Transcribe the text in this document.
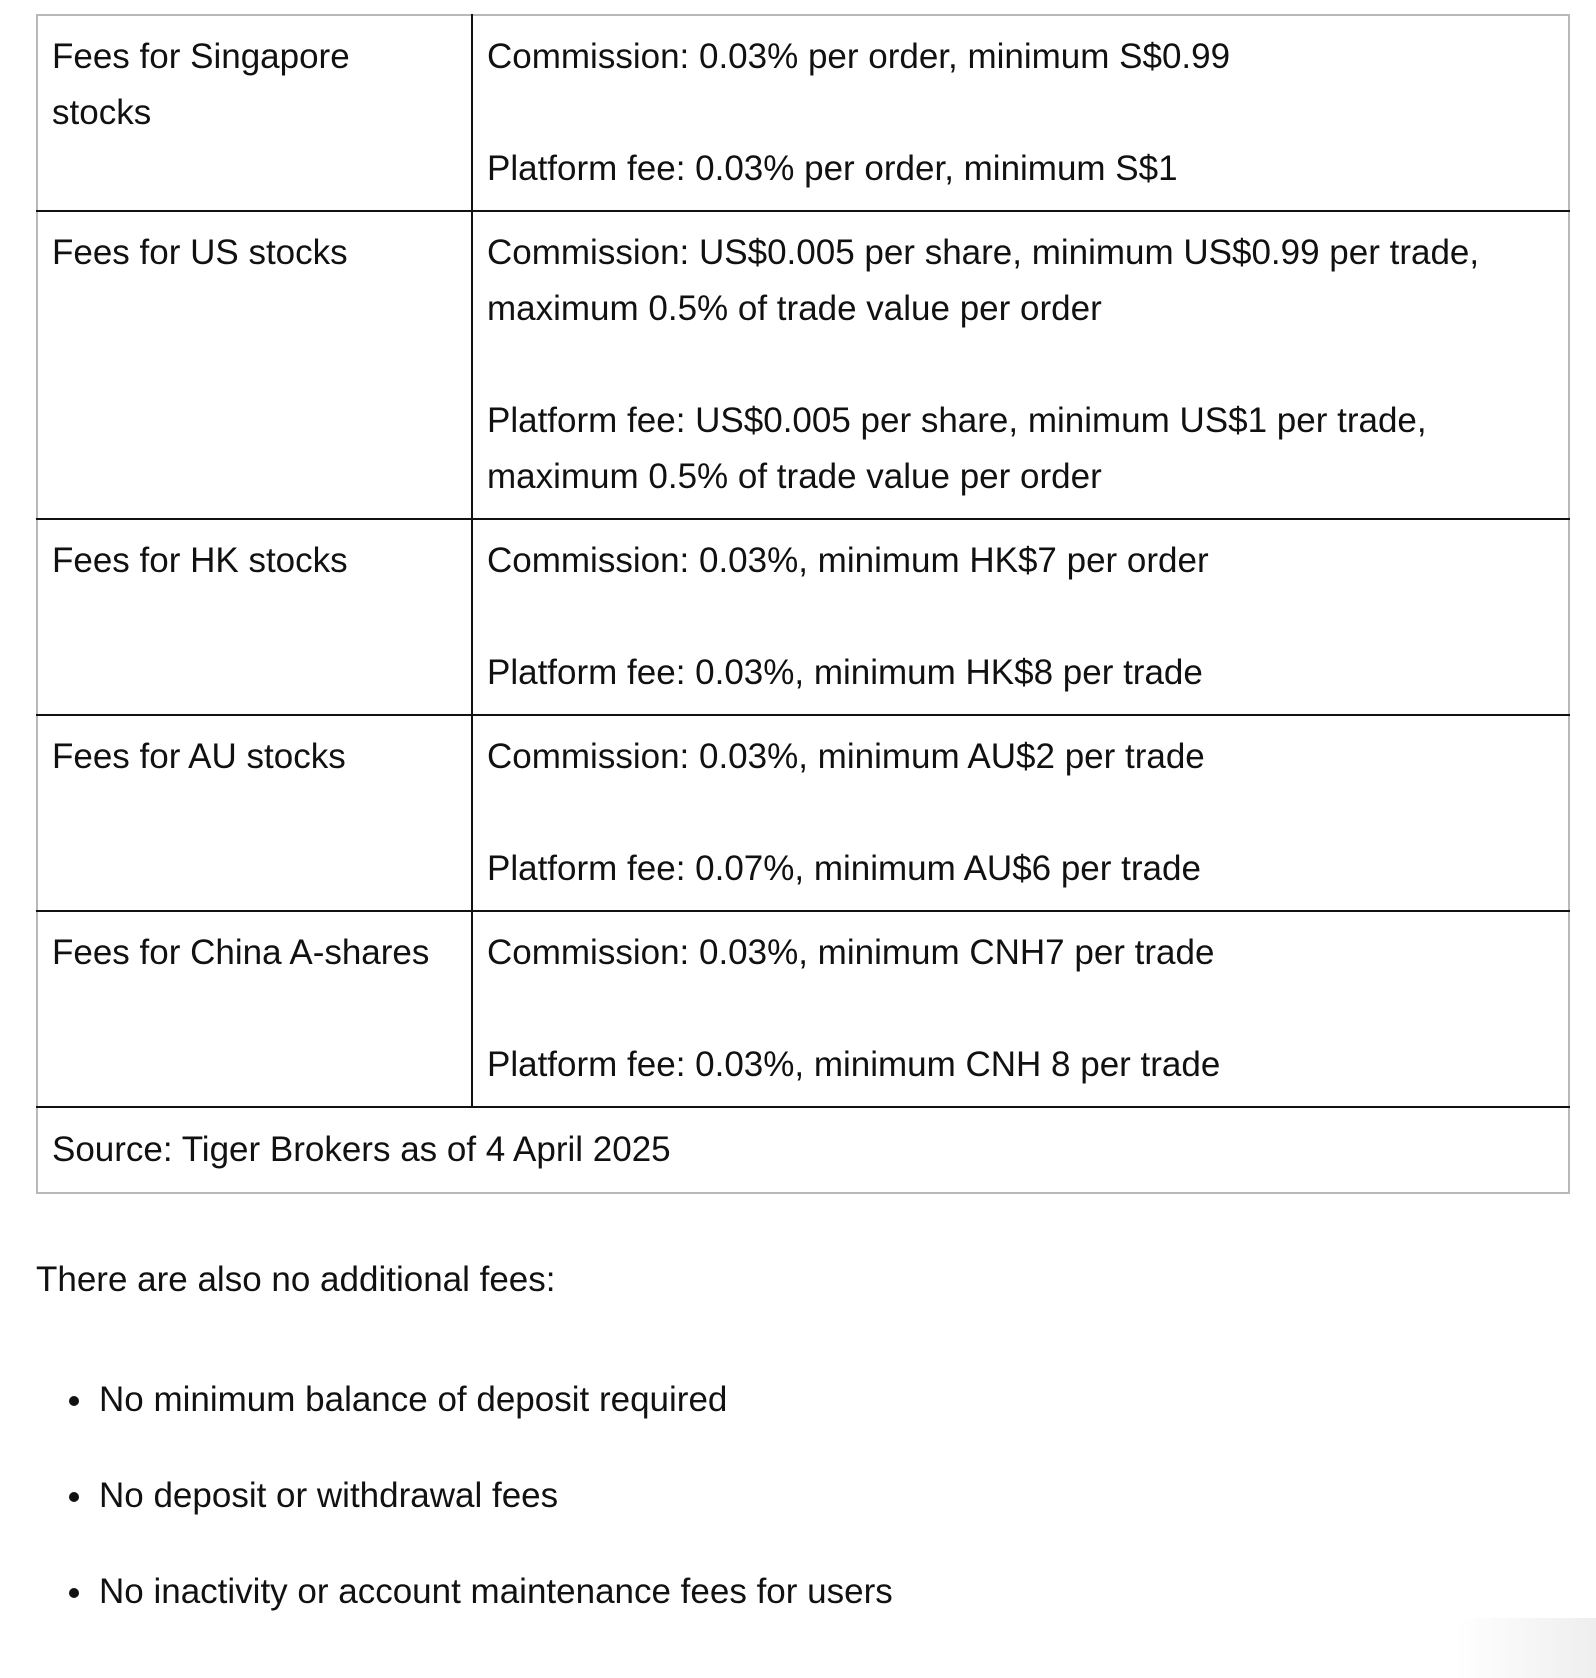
Fees for Singapore stocks	Commission: 0.03% per order, minimum S$0.99

Platform fee: 0.03% per order, minimum S$1

Fees for US stocks	Commission: US$0.005 per share, minimum US$0.99 per trade, maximum 0.5% of trade value per order

Platform fee: US$0.005 per share, minimum US$1 per trade, maximum 0.5% of trade value per order

Fees for HK stocks	Commission: 0.03%, minimum HK$7 per order

Platform fee: 0.03%, minimum HK$8 per trade

Fees for AU stocks	Commission: 0.03%, minimum AU$2 per trade

Platform fee: 0.07%, minimum AU$6 per trade

Fees for China A-shares	Commission: 0.03%, minimum CNH7 per trade

Platform fee: 0.03%, minimum CNH 8 per trade

Source: Tiger Brokers as of 4 April 2025	

There are also no additional fees:

No minimum balance of deposit required
No deposit or withdrawal fees
No inactivity or account maintenance fees for users
